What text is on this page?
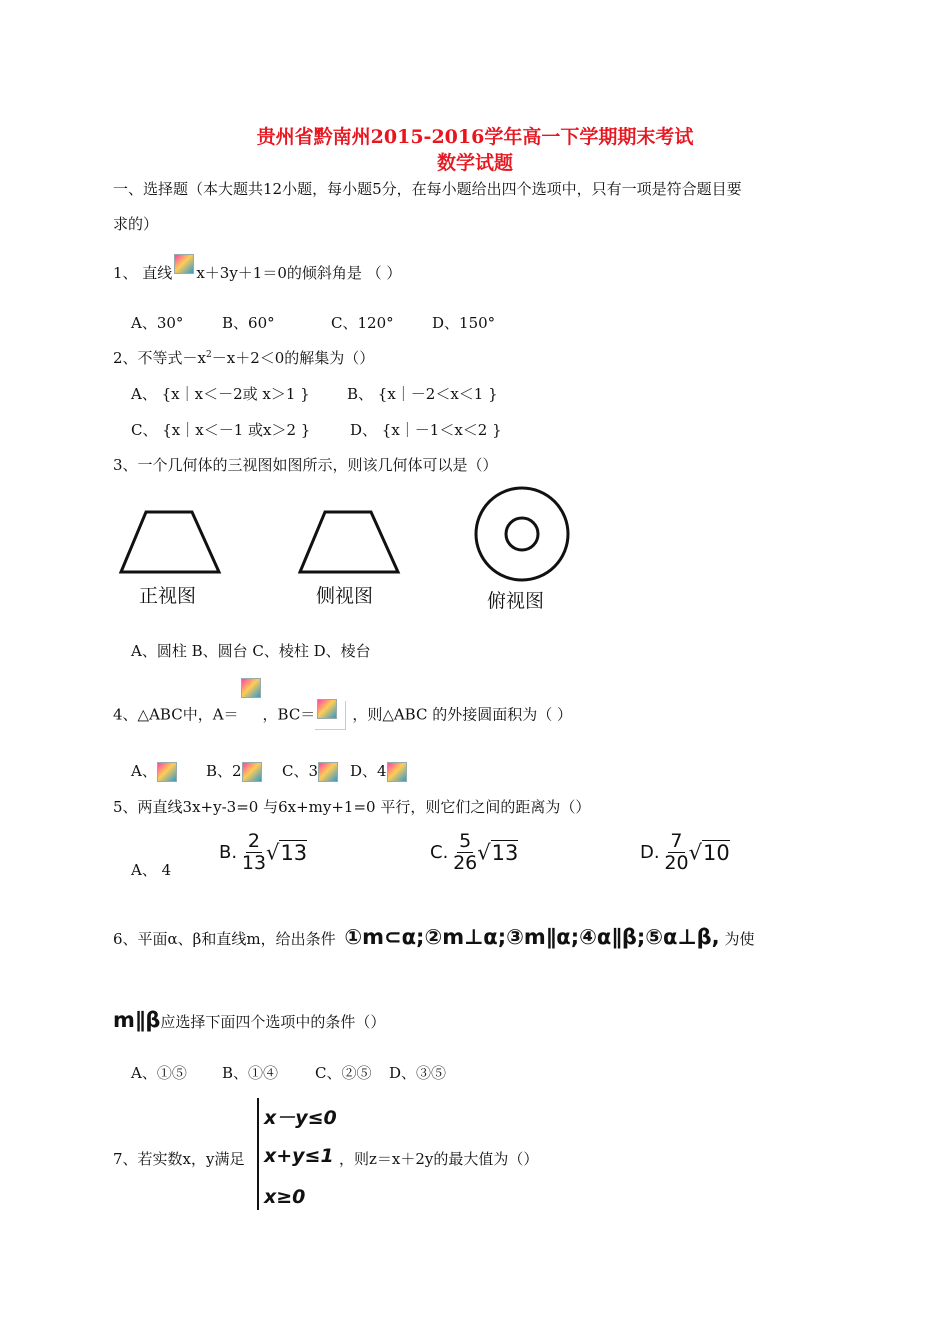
贵州省黔南州2015-2016学年高一下学期期末考试
数学试题
一、选择题（本大题共12小题，每小题5分，在每小题给出四个选项中，只有一项是符合题目要
求的）
1、 直线 x＋3y＋1＝0的倾斜角是 （ ）
A、30°	B、60°	C、120°	D、150°
2、不等式$-x^2-x+2<0$的解集为（）
A、 {x｜x＜－2或 x＞1 } B、 {x｜－2＜x＜1 }
C、 {x｜x＜－1 或x＞2 }	D、 {x｜－1＜x＜2 }
3、一个几何体的三视图如图所示，则该几何体可以是（）
正视图	侧视图	俯视图
A、圆柱 B、圆台 C、棱柱 D、棱台
4、△ABC中，A＝ ，BC＝ ，则△ABC 的外接圆面积为（ ）
A、	B、2	C、3	D、4
5、两直线3x+y-3=0 与6x+my+1=0 平行，则它们之间的距离为（）
A、 4
B. $\frac{2}{13} √13$	C. $\frac{5}{26} √13$	D. $\frac{7}{20} √10$
6、平面α、β和直线m，给出条件 ①m⊂α;②m⊥α;③m∥α;④α∥β;⑤α⊥β, 为使
m∥β应选择下面四个选项中的条件（）
A、①⑤ B、①④ C、②⑤ D、③⑤
7、若实数x，y满足
x－y≤0
x+y≤1
x≥0
，则z＝x＋2y的最大值为（）
